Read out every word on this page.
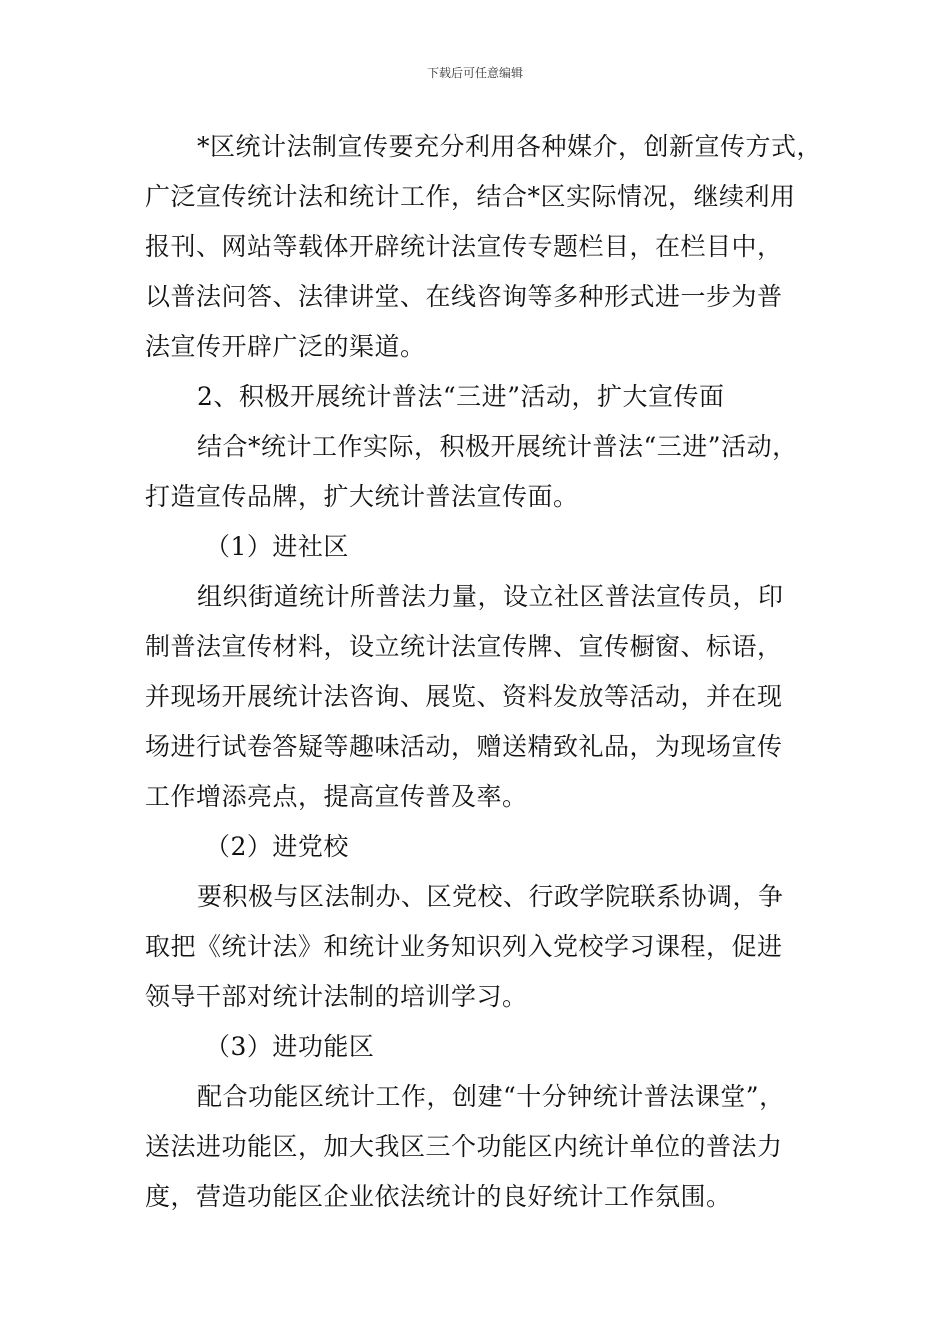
下载后可任意编辑
*区统计法制宣传要充分利用各种媒介，创新宣传方式，
广泛宣传统计法和统计工作，结合*区实际情况，继续利用
报刊、网站等载体开辟统计法宣传专题栏目，在栏目中，
以普法问答、法律讲堂、在线咨询等多种形式进一步为普
法宣传开辟广泛的渠道。
2、积极开展统计普法“三进”活动，扩大宣传面
结合*统计工作实际，积极开展统计普法“三进”活动，
打造宣传品牌，扩大统计普法宣传面。
（1）进社区
组织街道统计所普法力量，设立社区普法宣传员，印
制普法宣传材料，设立统计法宣传牌、宣传橱窗、标语，
并现场开展统计法咨询、展览、资料发放等活动，并在现
场进行试卷答疑等趣味活动，赠送精致礼品，为现场宣传
工作增添亮点，提高宣传普及率。
（2）进党校
要积极与区法制办、区党校、行政学院联系协调，争
取把《统计法》和统计业务知识列入党校学习课程，促进
领导干部对统计法制的培训学习。
（3）进功能区
配合功能区统计工作，创建“十分钟统计普法课堂”，
送法进功能区，加大我区三个功能区内统计单位的普法力
度，营造功能区企业依法统计的良好统计工作氛围。
